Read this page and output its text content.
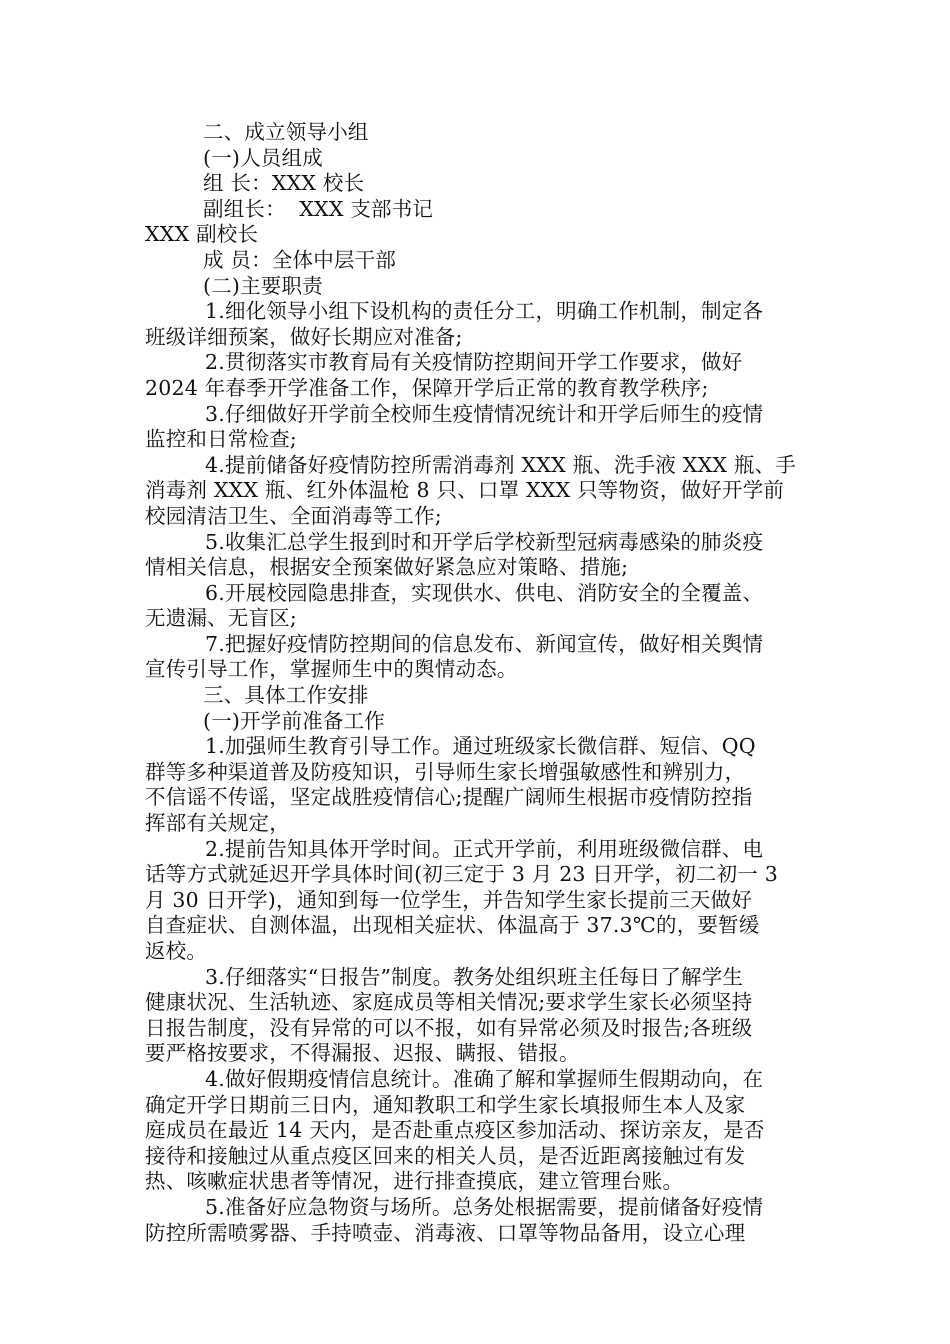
二、成立领导小组
(一)人员组成
组 长：XXX 校长
副组长：  XXX 支部书记
XXX 副校长
成 员：全体中层干部
(二)主要职责
1.细化领导小组下设机构的责任分工，明确工作机制，制定各
班级详细预案，做好长期应对准备;
2.贯彻落实市教育局有关疫情防控期间开学工作要求，做好
2024 年春季开学准备工作，保障开学后正常的教育教学秩序;
3.仔细做好开学前全校师生疫情情况统计和开学后师生的疫情
监控和日常检查;
4.提前储备好疫情防控所需消毒剂 XXX 瓶、洗手液 XXX 瓶、手
消毒剂 XXX 瓶、红外体温枪 8 只、口罩 XXX 只等物资，做好开学前
校园清洁卫生、全面消毒等工作;
5.收集汇总学生报到时和开学后学校新型冠病毒感染的肺炎疫
情相关信息，根据安全预案做好紧急应对策略、措施;
6.开展校园隐患排查，实现供水、供电、消防安全的全覆盖、
无遗漏、无盲区;
7.把握好疫情防控期间的信息发布、新闻宣传，做好相关舆情
宣传引导工作，掌握师生中的舆情动态。
三、具体工作安排
(一)开学前准备工作
1.加强师生教育引导工作。通过班级家长微信群、短信、QQ
群等多种渠道普及防疫知识，引导师生家长增强敏感性和辨别力，
不信谣不传谣，坚定战胜疫情信心;提醒广阔师生根据市疫情防控指
挥部有关规定，
2.提前告知具体开学时间。正式开学前，利用班级微信群、电
话等方式就延迟开学具体时间(初三定于 3 月 23 日开学，初二初一 3
月 30 日开学)，通知到每一位学生，并告知学生家长提前三天做好
自查症状、自测体温，出现相关症状、体温高于 37.3℃的，要暂缓
返校。
3.仔细落实“日报告”制度。教务处组织班主任每日了解学生
健康状况、生活轨迹、家庭成员等相关情况;要求学生家长必须坚持
日报告制度，没有异常的可以不报，如有异常必须及时报告;各班级
要严格按要求，不得漏报、迟报、瞒报、错报。
4.做好假期疫情信息统计。准确了解和掌握师生假期动向，在
确定开学日期前三日内，通知教职工和学生家长填报师生本人及家
庭成员在最近 14 天内，是否赴重点疫区参加活动、探访亲友，是否
接待和接触过从重点疫区回来的相关人员，是否近距离接触过有发
热、咳嗽症状患者等情况，进行排查摸底，建立管理台账。
5.准备好应急物资与场所。总务处根据需要，提前储备好疫情
防控所需喷雾器、手持喷壶、消毒液、口罩等物品备用，设立心理
